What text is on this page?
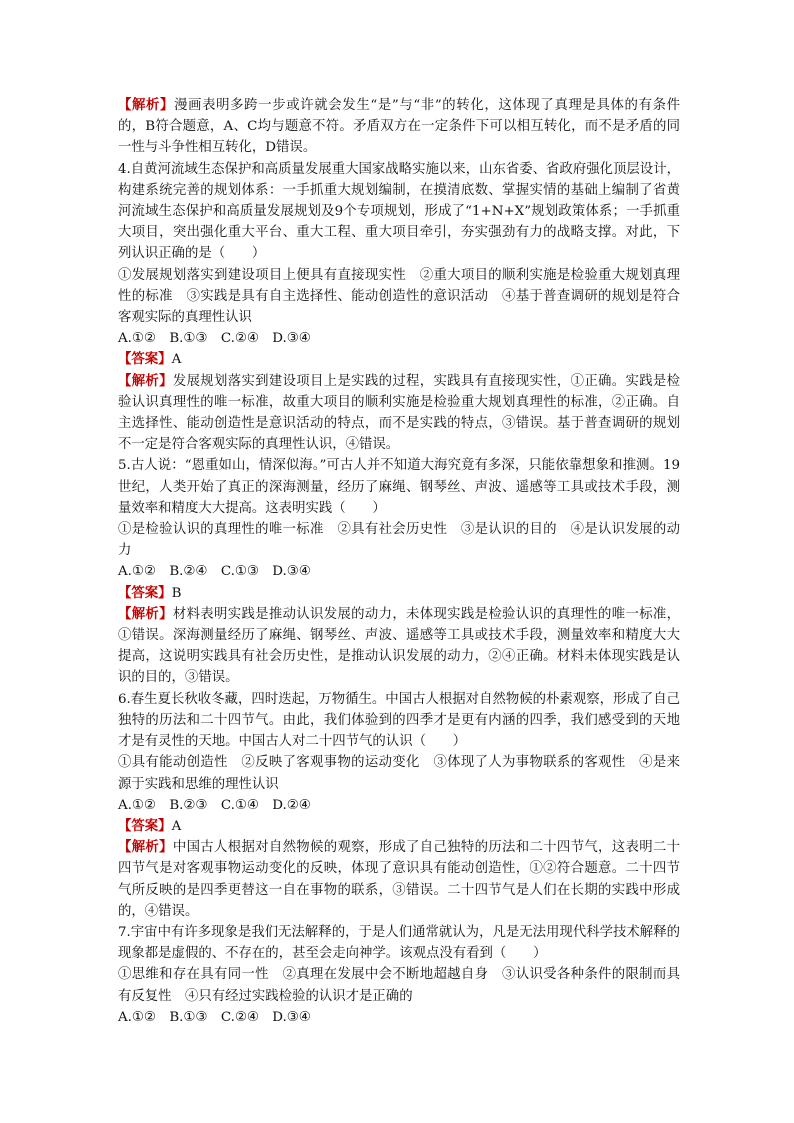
【解析】漫画表明多跨一步或许就会发生“是”与“非”的转化，这体现了真理是具体的有条件的，B符合题意，A、C均与题意不符。矛盾双方在一定条件下可以相互转化，而不是矛盾的同一性与斗争性相互转化，D错误。

4.自黄河流域生态保护和高质量发展重大国家战略实施以来，山东省委、省政府强化顶层设计，构建系统完善的规划体系：一手抓重大规划编制，在摸清底数、掌握实情的基础上编制了省黄河流域生态保护和高质量发展规划及9个专项规划，形成了“1+N+X”规划政策体系；一手抓重大项目，突出强化重大平台、重大工程、重大项目牵引，夯实强劲有力的战略支撑。对此，下列认识正确的是（　　）

①发展规划落实到建设项目上便具有直接现实性　②重大项目的顺利实施是检验重大规划真理性的标准　③实践是具有自主选择性、能动创造性的意识活动　④基于普查调研的规划是符合客观实际的真理性认识

A.①②　B.①③　C.②④　D.③④

【答案】A

【解析】发展规划落实到建设项目上是实践的过程，实践具有直接现实性，①正确。实践是检验认识真理性的唯一标准，故重大项目的顺利实施是检验重大规划真理性的标准，②正确。自主选择性、能动创造性是意识活动的特点，而不是实践的特点，③错误。基于普查调研的规划不一定是符合客观实际的真理性认识，④错误。

5.古人说：“恩重如山，情深似海。”可古人并不知道大海究竟有多深，只能依靠想象和推测。19世纪，人类开始了真正的深海测量，经历了麻绳、钢琴丝、声波、遥感等工具或技术手段，测量效率和精度大大提高。这表明实践（　　）

①是检验认识的真理性的唯一标准　②具有社会历史性　③是认识的目的　④是认识发展的动力

A.①②　B.②④　C.①③　D.③④

【答案】B

【解析】材料表明实践是推动认识发展的动力，未体现实践是检验认识的真理性的唯一标准，①错误。深海测量经历了麻绳、钢琴丝、声波、遥感等工具或技术手段，测量效率和精度大大提高，这说明实践具有社会历史性，是推动认识发展的动力，②④正确。材料未体现实践是认识的目的，③错误。

6.春生夏长秋收冬藏，四时迭起，万物循生。中国古人根据对自然物候的朴素观察，形成了自己独特的历法和二十四节气。由此，我们体验到的四季才是更有内涵的四季，我们感受到的天地才是有灵性的天地。中国古人对二十四节气的认识（　　）

①具有能动创造性　②反映了客观事物的运动变化　③体现了人为事物联系的客观性　④是来源于实践和思维的理性认识

A.①②　B.②③　C.①④　D.②④

【答案】A

【解析】中国古人根据对自然物候的观察，形成了自己独特的历法和二十四节气，这表明二十四节气是对客观事物运动变化的反映，体现了意识具有能动创造性，①②符合题意。二十四节气所反映的是四季更替这一自在事物的联系，③错误。二十四节气是人们在长期的实践中形成的，④错误。

7.宇宙中有许多现象是我们无法解释的，于是人们通常就认为，凡是无法用现代科学技术解释的现象都是虚假的、不存在的，甚至会走向神学。该观点没有看到（　　）

①思维和存在具有同一性　②真理在发展中会不断地超越自身　③认识受各种条件的限制而具有反复性　④只有经过实践检验的认识才是正确的

A.①②　B.①③　C.②④　D.③④
